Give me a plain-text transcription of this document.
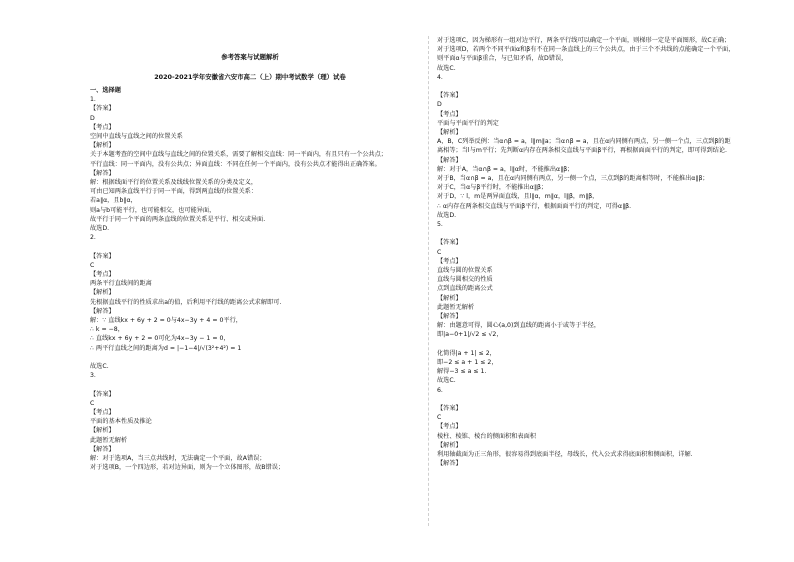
参考答案与试题解析
2020-2021学年安徽省六安市高二（上）期中考试数学（理）试卷
一、选择题
1.
【答案】
D
【考点】
空间中直线与直线之间的位置关系
【解析】
关于本题考查的空间中直线与直线之间的位置关系，需要了解相交直线：同一平面内，有且只有一个公共点；
平行直线：同一平面内，没有公共点；异面直线：不同在任何一个平面内，没有公共点才能得出正确答案。
【解答】
解：根据线面平行的位置关系及线线位置关系的分类及定义，
可由已知两条直线平行于同一平面，得到两直线的位置关系：
若a∥α，且b∥α，
则a与b可能平行，也可能相交，也可能异面，
故平行于同一个平面的两条直线的位置关系是平行、相交或异面.
故选D.
2.
【答案】
C
【考点】
两条平行直线间的距离
【解析】
先根据直线平行的性质求出a的值，后利用平行线的距离公式求解即可.
【解答】
解：∵ 直线kx + 6y + 2 = 0与4x−3y + 4 = 0平行，
∴ k = −8，
∴ 直线kx + 6y + 2 = 0可化为4x−3y − 1 = 0，
∴ 两平行直线之间的距离为d = |−1−4|/√(3²+4²) = 1
故选C.
3.
【答案】
C
【考点】
平面的基本性质及推论
【解析】
此题暂无解析
【解答】
解：对于选项A，当三点共线时，无法确定一个平面，故A错误；
对于选项B，一个四边形，若对边异面，则为一个立体图形，故B错误；
对于选项C，因为梯形有一组对边平行，两条平行线可以确定一个平面，则梯形一定是平面图形，故C正确；
对于选项D，若两个不同平面α和β有不在同一条直线上的三个公共点，由于三个不共线的点能确定一个平面，
则平面α与平面β重合，与已知矛盾，故D错误，
故选C.
4.
【答案】
D
【考点】
平面与平面平行的判定
【解析】
A，B，C列举反例：当α∩β = a，l∥m∥a；当α∩β = a，且在α内同侧有两点，另一侧一个点，三点到β的距
离相等；当l与m平行；先判断α内存在两条相交直线与平面β平行，再根据面面平行的判定，即可得到结论.
【解答】
解：对于A，当α∩β = a，l∥α时，不能推出α∥β；
对于B，当α∩β = a，且在α内同侧有两点，另一侧一个点，三点到β的距离相等时，不能推出α∥β；
对于C，当α与β平行时，不能推出α∥β；
对于D，∵ l，m是两异面直线，且l∥α，m∥α，l∥β，m∥β，
∴ α内存在两条相交直线与平面β平行，根据面面平行的判定，可得α∥β.
故选D.
5.
【答案】
C
【考点】
直线与圆的位置关系
直线与圆相交的性质
点到直线的距离公式
【解析】
此题暂无解析
【解答】
解：由题意可得，圆心(a,0)到直线的距离小于或等于半径，
即|a−0+1|/√2 ≤ √2，
化简得|a + 1| ≤ 2，
即−2 ≤ a + 1 ≤ 2，
解得−3 ≤ a ≤ 1.
故选C.
6.
【答案】
C
【考点】
棱柱、棱锥、棱台的侧面积和表面积
【解析】
利用轴截面为正三角形，很容易得到底面半径，母线长，代入公式求得底面积和侧面积，详解.
【解答】
